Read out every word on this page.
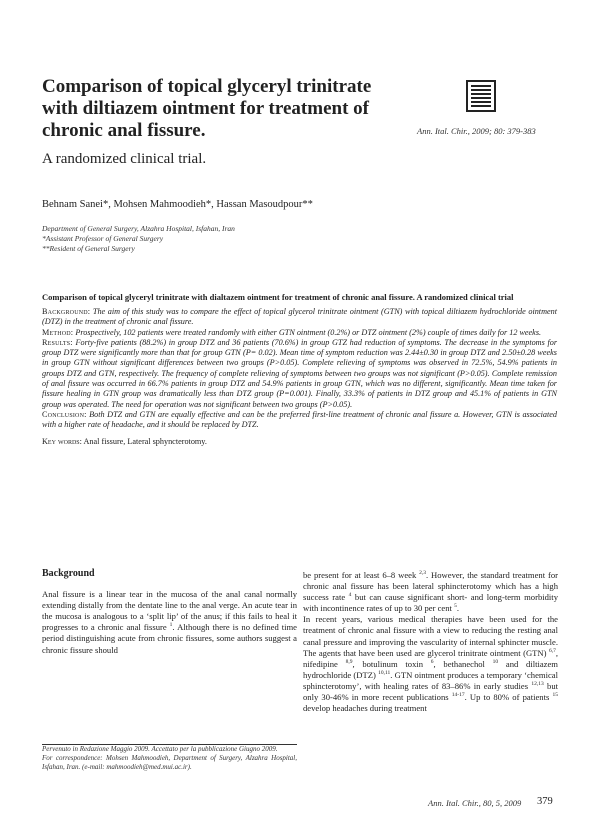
Comparison of topical glyceryl trinitrate with diltiazem ointment for treatment of chronic anal fissure.
A randomized clinical trial.
Ann. Ital. Chir., 2009; 80: 379-383
Behnam Sanei*, Mohsen Mahmoodieh*, Hassan Masoudpour**
Department of General Surgery, Alzahra Hospital, Isfahan, Iran
*Assistant Professor of General Surgery
**Resident of General Surgery
Comparison of topical glyceryl trinitrate with dialtazem ointment for treatment of chronic anal fissure. A randomized clinical trial
Background: The aim of this study was to compare the effect of topical glycerol trinitrate ointment (GTN) with topical diltiazem hydrochloride ointment (DTZ) in the treatment of chronic anal fissure.
Method: Prospectively, 102 patients were treated randomly with either GTN ointment (0.2%) or DTZ ointment (2%) couple of times daily for 12 weeks.
Results: Forty-five patients (88.2%) in group DTZ and 36 patients (70.6%) in group GTZ had reduction of symptoms. The decrease in the symptoms for group DTZ were significantly more than that for group GTN (P= 0.02). Mean time of symptom reduction was 2.44±0.30 in group DTZ and 2.50±0.28 weeks in group GTN without significant differences between two groups (P>0.05). Complete relieving of symptoms was observed in 72.5%, 54.9% patients in groups DTZ and GTN, respectively. The frequency of complete relieving of symptoms between two groups was not significant (P>0.05). Complete remission of anal fissure was occurred in 66.7% patients in group DTZ and 54.9% patients in group GTN, which was no different, significantly. Mean time taken for fissure healing in GTN group was dramatically less than DTZ group (P=0.001). Finally, 33.3% of patients in DTZ group and 45.1% of patients in GTN group was operated. The need for operation was not significant between two groups (P>0.05).
Conclusion: Both DTZ and GTN are equally effective and can be the preferred first-line treatment of chronic anal fissure a. However, GTN is associated with a higher rate of headache, and it should be replaced by DTZ.
Key words: Anal fissure, Lateral sphyncterotomy.
Background

Anal fissure is a linear tear in the mucosa of the anal canal normally extending distally from the dentate line to the anal verge. An acute tear in the mucosa is analogous to a ‘split lip’ of the anus; if this fails to heal it progresses to a chronic anal fissure $^1$. Although there is no defined time period distinguishing acute from chronic fissures, some authors suggest a chronic fissure should

be present for at least 6–8 week $^{2,3}$. However, the standard treatment for chronic anal fissure has been lateral sphincterotomy which has a high success rate $^4$ but can cause significant short- and long-term morbidity with incontinence rates of up to 30 per cent $^5$.

In recent years, various medical therapies have been used for the treatment of chronic anal fissure with a view to reducing the resting anal canal pressure and improving the vascularity of internal sphincter muscle. The agents that have been used are glycerol trinitrate ointment (GTN) $^{6,7}$, nifedipine $^{8,9}$, botulinum toxin $^6$, bethanechol $^{10}$ and diltiazem hydrochloride (DTZ) $^{10,11}$. GTN ointment produces a temporary ‘chemical sphincterotomy’, with healing rates of 83–86% in early studies $^{12,13}$ but only 30-46% in more recent publications $^{14-17}$. Up to 80% of patients $^{15}$ develop headaches during treatment

Pervenuto in Redazione Maggio 2009. Accettato per la pubblicazione Giugno 2009.
For correspondence: Mohsen Mahmoodieh, Department of Surgery, Alzahra Hospital, Isfahan, Iran. (e-mail: mahmoodieh@med.mui.ac.ir).
Ann. Ital. Chir., 80, 5, 2009 379
